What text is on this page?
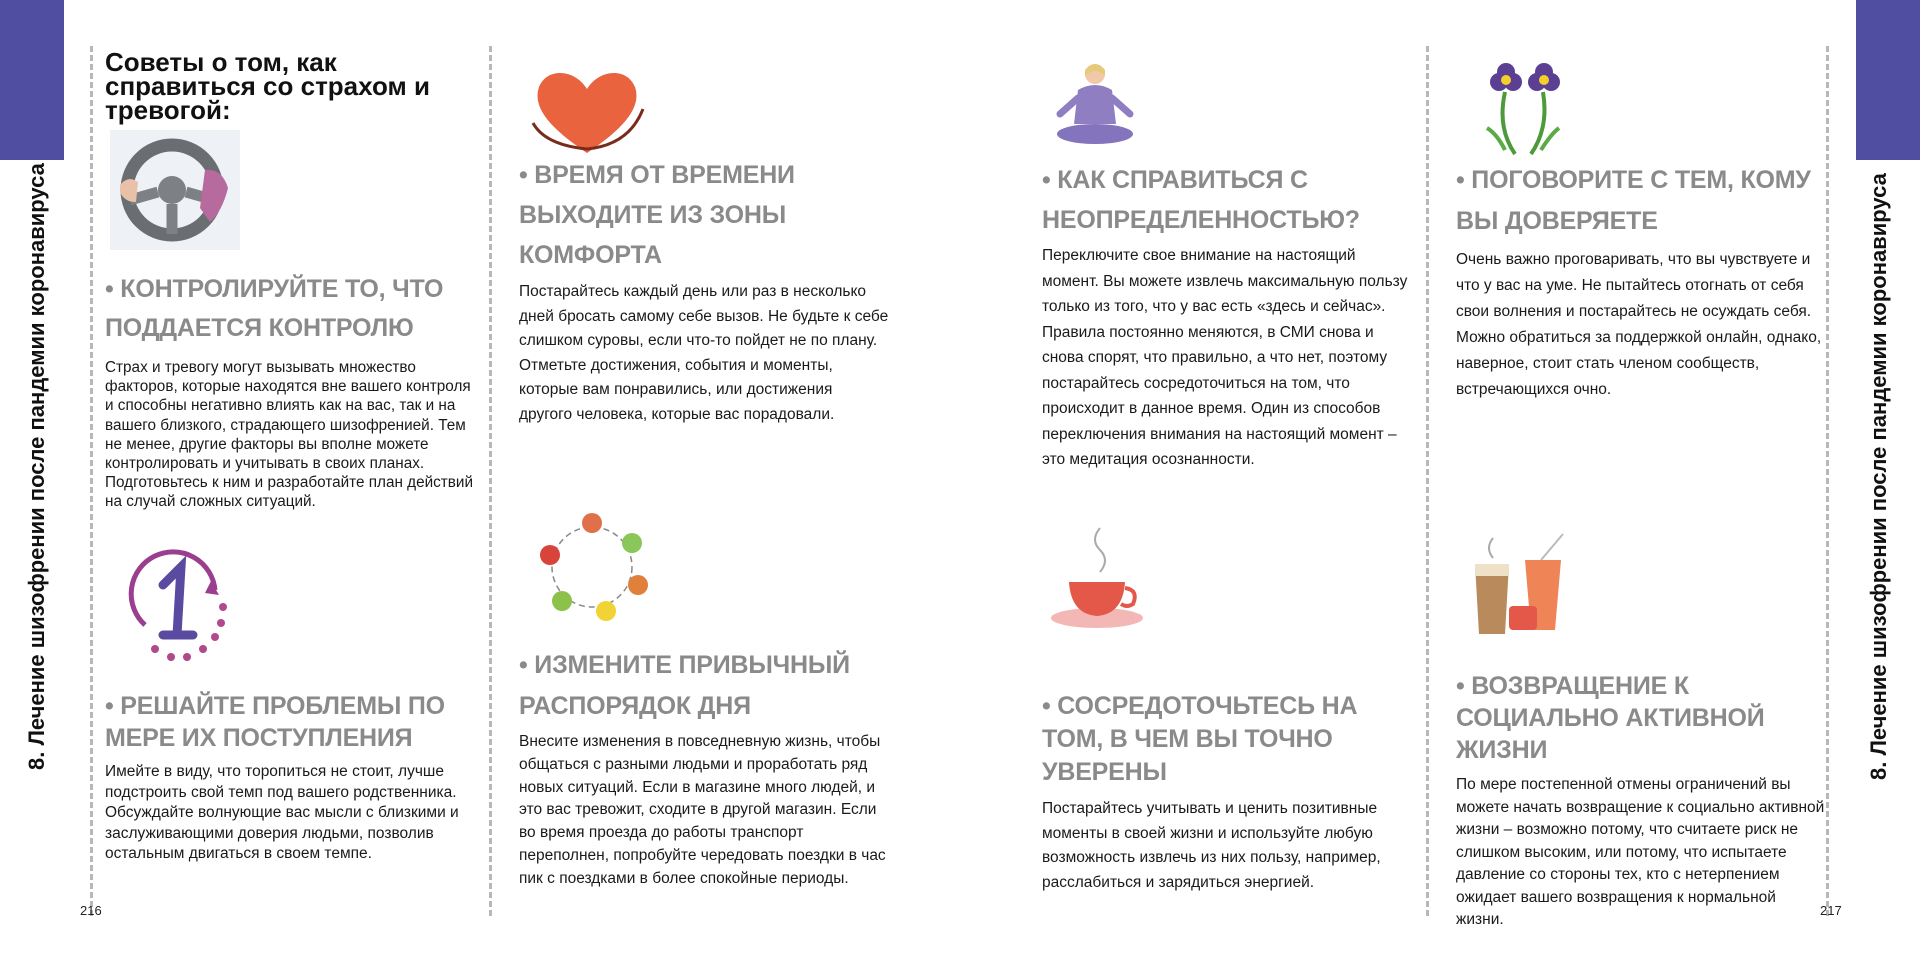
8. Лечение шизофрении после пандемии коронавируса	8. Лечение шизофрении после пандемии коронавируса
216	217
Советы о том, как справиться со страхом и тревогой:
• КОНТРОЛИРУЙТЕ ТО, ЧТО ПОДДАЕТСЯ КОНТРОЛЮ

Страх и тревогу могут вызывать множество факторов, которые находятся вне вашего контроля и способны негативно влиять как на вас, так и на вашего близкого, страдающего шизофренией. Тем не менее, другие факторы вы вполне можете контролировать и учитывать в своих планах. Подготовьтесь к ним и разработайте план действий на случай сложных ситуаций.

• РЕШАЙТЕ ПРОБЛЕМЫ ПО МЕРЕ ИХ ПОСТУПЛЕНИЯ

Имейте в виду, что торопиться не стоит, лучше подстроить свой темп под вашего родственника. Обсуждайте волнующие вас мысли с близкими и заслуживающими доверия людьми, позволив остальным двигаться в своем темпе.

• ВРЕМЯ ОТ ВРЕМЕНИ ВЫХОДИТЕ ИЗ ЗОНЫ КОМФОРТА

Постарайтесь каждый день или раз в несколько дней бросать самому себе вызов. Не будьте к себе слишком суровы, если что-то пойдет не по плану. Отметьте достижения, события и моменты, которые вам понравились, или достижения другого человека, которые вас порадовали.

• ИЗМЕНИТЕ ПРИВЫЧНЫЙ РАСПОРЯДОК ДНЯ

Внесите изменения в повседневную жизнь, чтобы общаться с разными людьми и проработать ряд новых ситуаций. Если в магазине много людей, и это вас тревожит, сходите в другой магазин. Если во время проезда до работы транспорт переполнен, попробуйте чередовать поездки в час пик с поездками в более спокойные периоды.

• КАК СПРАВИТЬСЯ С НЕОПРЕДЕЛЕННОСТЬЮ?

Переключите свое внимание на настоящий момент. Вы можете извлечь максимальную пользу только из того, что у вас есть «здесь и сейчас». Правила постоянно меняются, в СМИ снова и снова спорят, что правильно, а что нет, поэтому постарайтесь сосредоточиться на том, что происходит в данное время. Один из способов переключения внимания на настоящий момент – это медитация осознанности.

• СОСРЕДОТОЧЬТЕСЬ НА ТОМ, В ЧЕМ ВЫ ТОЧНО УВЕРЕНЫ

Постарайтесь учитывать и ценить позитивные моменты в своей жизни и используйте любую возможность извлечь из них пользу, например, расслабиться и зарядиться энергией.

• ПОГОВОРИТЕ С ТЕМ, КОМУ ВЫ ДОВЕРЯЕТЕ

Очень важно проговаривать, что вы чувствуете и что у вас на уме. Не пытайтесь отогнать от себя свои волнения и постарайтесь не осуждать себя. Можно обратиться за поддержкой онлайн, однако, наверное, стоит стать членом сообществ, встречающихся очно.

• ВОЗВРАЩЕНИЕ К СОЦИАЛЬНО АКТИВНОЙ ЖИЗНИ

По мере постепенной отмены ограничений вы можете начать возвращение к социально активной жизни – возможно потому, что считаете риск не слишком высоким, или потому, что испытаете давление со стороны тех, кто с нетерпением ожидает вашего возвращения к нормальной жизни.
